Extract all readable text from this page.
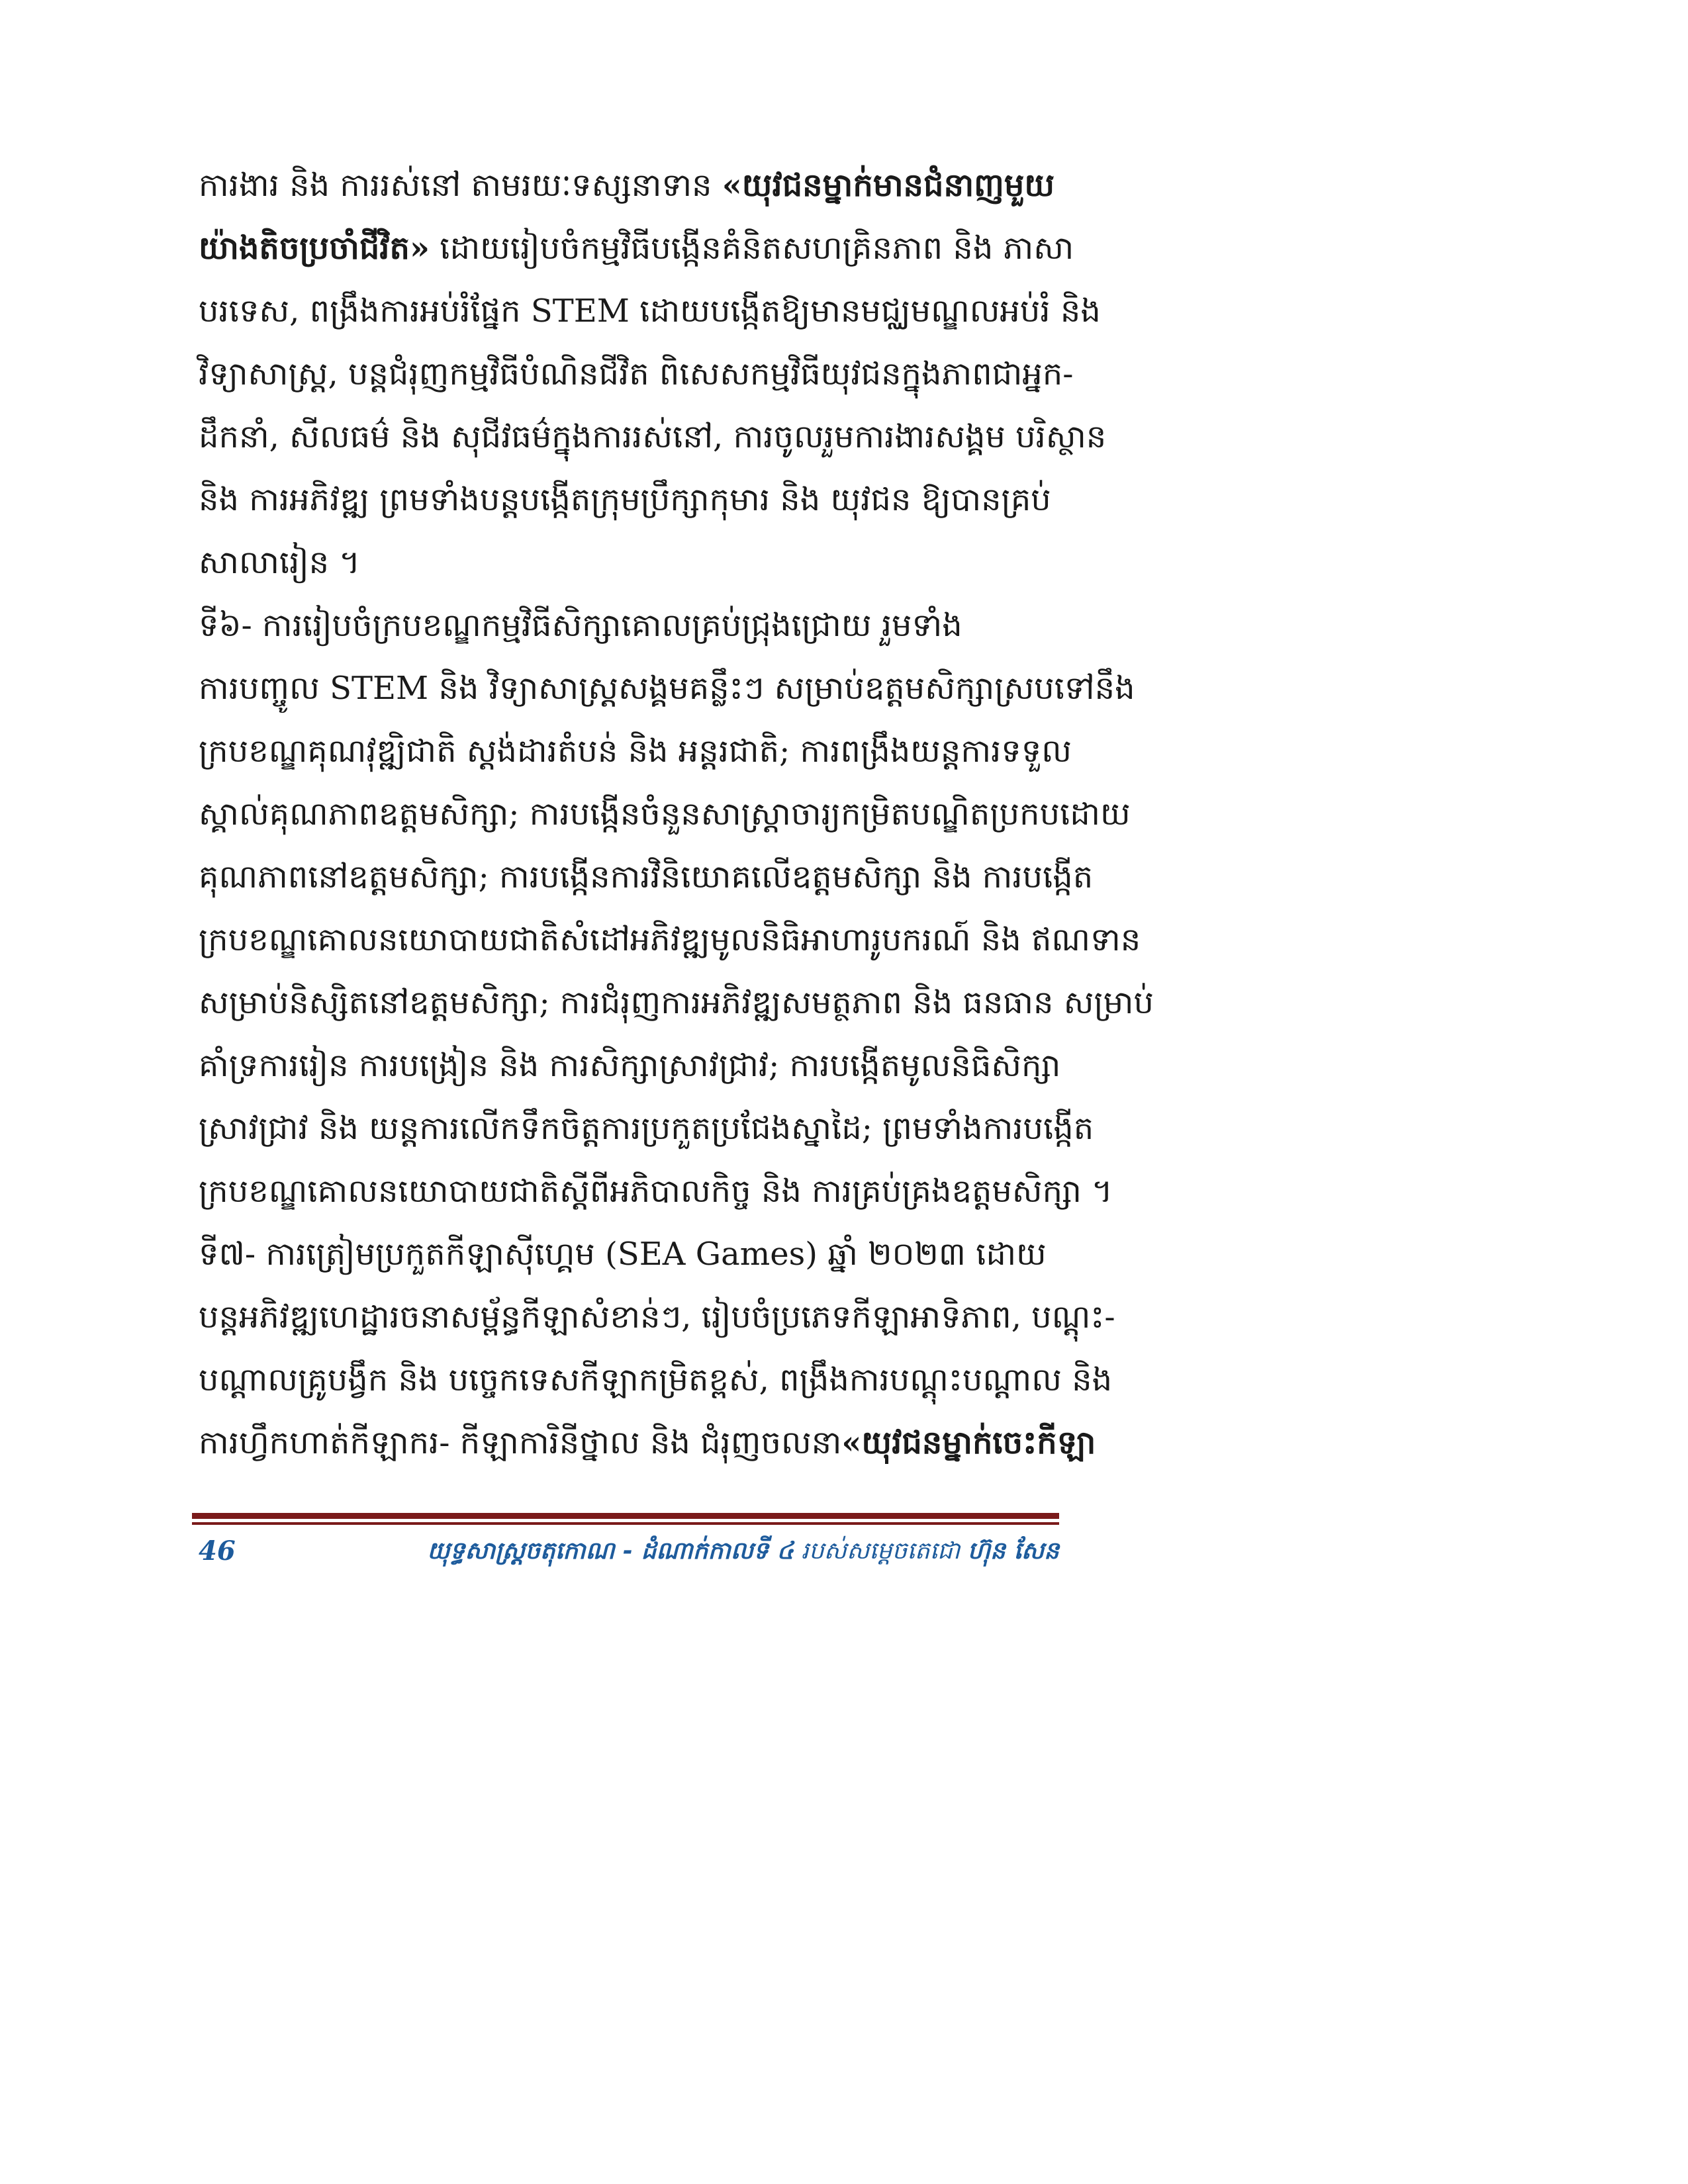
ការងារ និង ការរស់នៅ តាមរយៈទស្សនាទាន «យុវជនម្នាក់មានជំនាញមួយ
យ៉ាងតិចប្រចាំជីវិត» ដោយរៀបចំកម្មវិធីបង្កើនគំនិតសហគ្រិនភាព និង ភាសា
បរទេស, ពង្រឹងការអប់រំផ្នែក STEM ដោយបង្កើតឱ្យមានមជ្ឈមណ្ឌលអប់រំ និង
វិទ្យាសាស្ត្រ, បន្តជំរុញកម្មវិធីបំណិនជីវិត ពិសេសកម្មវិធីយុវជនក្នុងភាពជាអ្នក-
ដឹកនាំ, សីលធម៌ និង សុជីវធម៌ក្នុងការរស់នៅ, ការចូលរួមការងារសង្គម បរិស្ថាន
និង ការអភិវឌ្ឍ ព្រមទាំងបន្តបង្កើតក្រុមប្រឹក្សាកុមារ និង យុវជន ឱ្យបានគ្រប់
សាលារៀន ។
ទី៦- ការរៀបចំក្របខណ្ឌកម្មវិធីសិក្សាគោលគ្រប់ជ្រុងជ្រោយ រួមទាំង
ការបញ្ចូល STEM និង វិទ្យាសាស្ត្រសង្គមគន្លឹះៗ សម្រាប់ឧត្តមសិក្សាស្របទៅនឹង
ក្របខណ្ឌគុណវុឌ្ឍិជាតិ ស្តង់ដារតំបន់ និង អន្តរជាតិ; ការពង្រឹងយន្តការទទួល
ស្គាល់គុណភាពឧត្តមសិក្សា; ការបង្កើនចំនួនសាស្ត្រាចារ្យកម្រិតបណ្ឌិតប្រកបដោយ
គុណភាពនៅឧត្តមសិក្សា; ការបង្កើនការវិនិយោគលើឧត្តមសិក្សា និង ការបង្កើត
ក្របខណ្ឌគោលនយោបាយជាតិសំដៅអភិវឌ្ឍមូលនិធិអាហារូបករណ៍ និង ឥណទាន
សម្រាប់និស្សិតនៅឧត្តមសិក្សា; ការជំរុញការអភិវឌ្ឍសមត្ថភាព និង ធនធាន សម្រាប់
គាំទ្រការរៀន ការបង្រៀន និង ការសិក្សាស្រាវជ្រាវ; ការបង្កើតមូលនិធិសិក្សា
ស្រាវជ្រាវ និង យន្តការលើកទឹកចិត្តការប្រកួតប្រជែងស្នាដៃ; ព្រមទាំងការបង្កើត
ក្របខណ្ឌគោលនយោបាយជាតិស្តីពីអភិបាលកិច្ច និង ការគ្រប់គ្រងឧត្តមសិក្សា ។
ទី៧- ការត្រៀមប្រកួតកីឡាស៊ីហ្គេម (SEA Games) ឆ្នាំ ២០២៣ ដោយ
បន្តអភិវឌ្ឍហេដ្ឋារចនាសម្ព័ន្ធកីឡាសំខាន់ៗ, រៀបចំប្រភេទកីឡាអាទិភាព, បណ្តុះ-
បណ្តាលគ្រូបង្វឹក និង បច្ចេកទេសកីឡាកម្រិតខ្ពស់, ពង្រឹងការបណ្តុះបណ្តាល និង
ការហ្វឹកហាត់កីឡាករ- កីឡាការិនីថ្នាល និង ជំរុញចលនា«យុវជនម្នាក់ចេះកីឡា
46	យុទ្ធសាស្ត្រចតុកោណ - ដំណាក់កាលទី ៤ របស់សម្តេចតេជោ ហ៊ុន សែន
